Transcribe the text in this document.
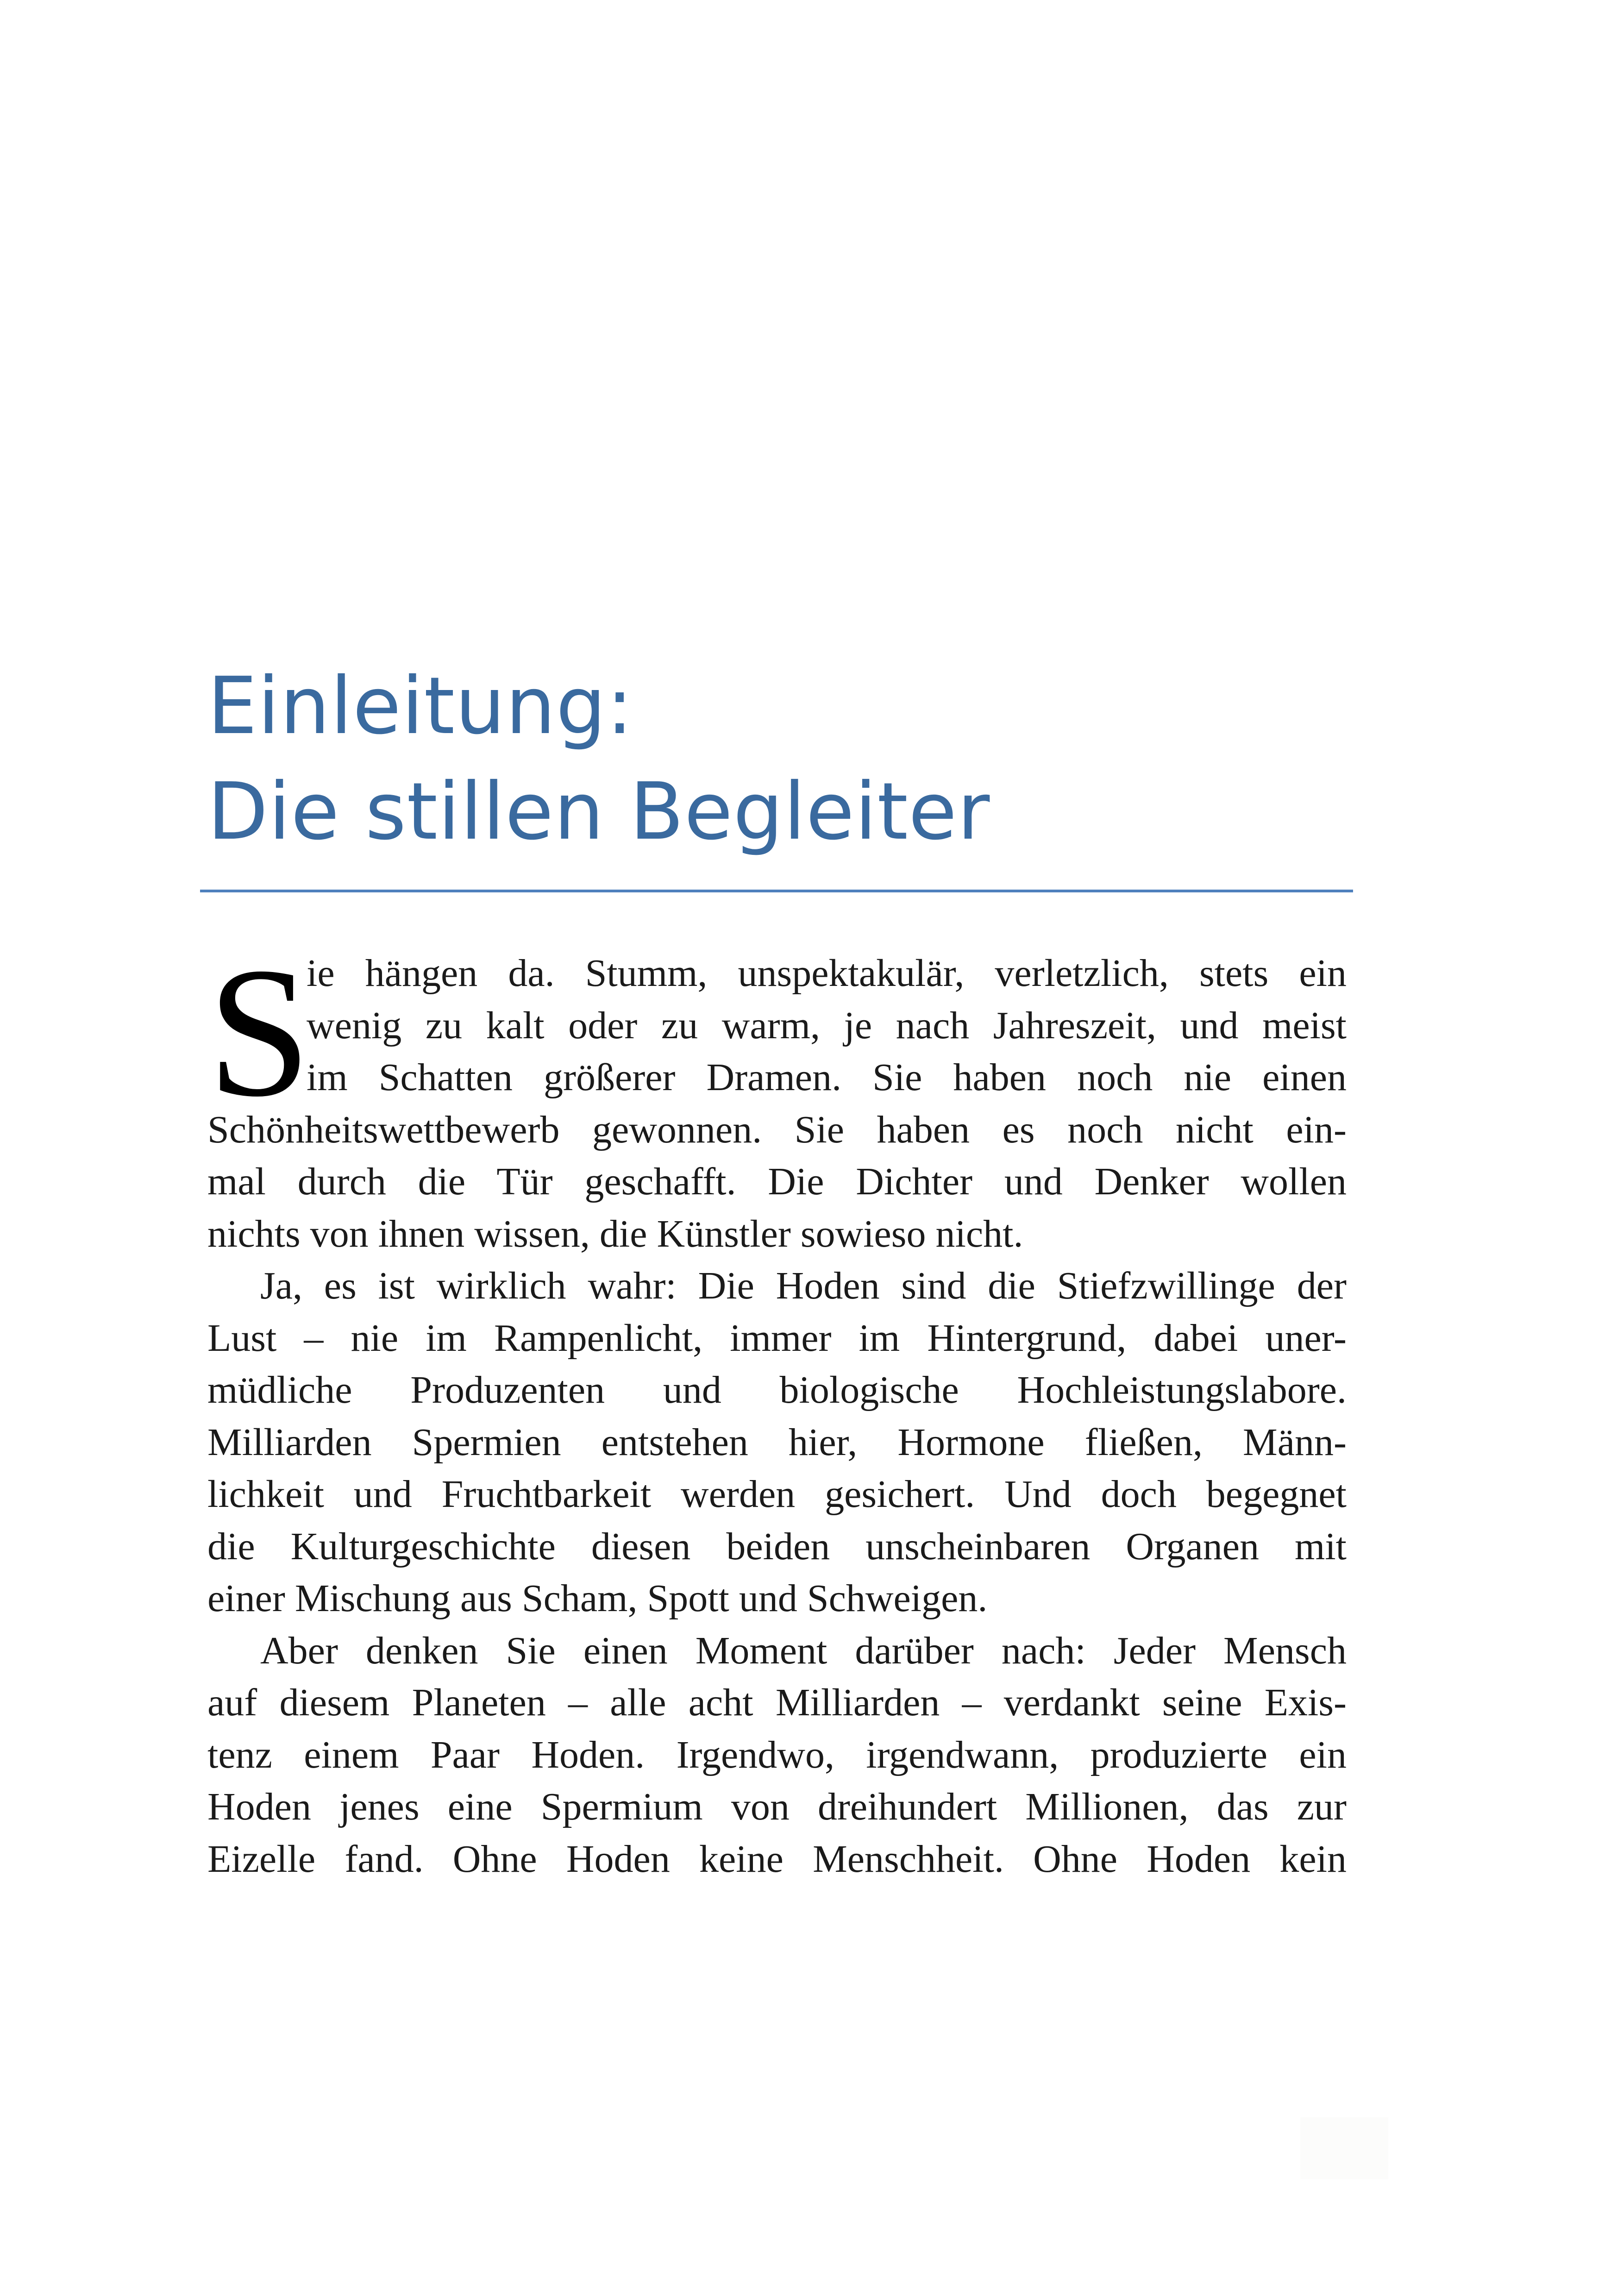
Einleitung:
Die stillen Begleiter
S
ie hängen da. Stumm, unspektakulär, verletzlich, stets ein
wenig zu kalt oder zu warm, je nach Jahreszeit, und meist
im Schatten größerer Dramen. Sie haben noch nie einen
Schönheitswettbewerb gewonnen. Sie haben es noch nicht ein-
mal durch die Tür geschafft. Die Dichter und Denker wollen
nichts von ihnen wissen, die Künstler sowieso nicht.
Ja, es ist wirklich wahr: Die Hoden sind die Stiefzwillinge der
Lust – nie im Rampenlicht, immer im Hintergrund, dabei uner-
müdliche Produzenten und biologische Hochleistungslabore.
Milliarden Spermien entstehen hier, Hormone fließen, Männ-
lichkeit und Fruchtbarkeit werden gesichert. Und doch begegnet
die Kulturgeschichte diesen beiden unscheinbaren Organen mit
einer Mischung aus Scham, Spott und Schweigen.
Aber denken Sie einen Moment darüber nach: Jeder Mensch
auf diesem Planeten – alle acht Milliarden – verdankt seine Exis-
tenz einem Paar Hoden. Irgendwo, irgendwann, produzierte ein
Hoden jenes eine Spermium von dreihundert Millionen, das zur
Eizelle fand. Ohne Hoden keine Menschheit. Ohne Hoden kein
